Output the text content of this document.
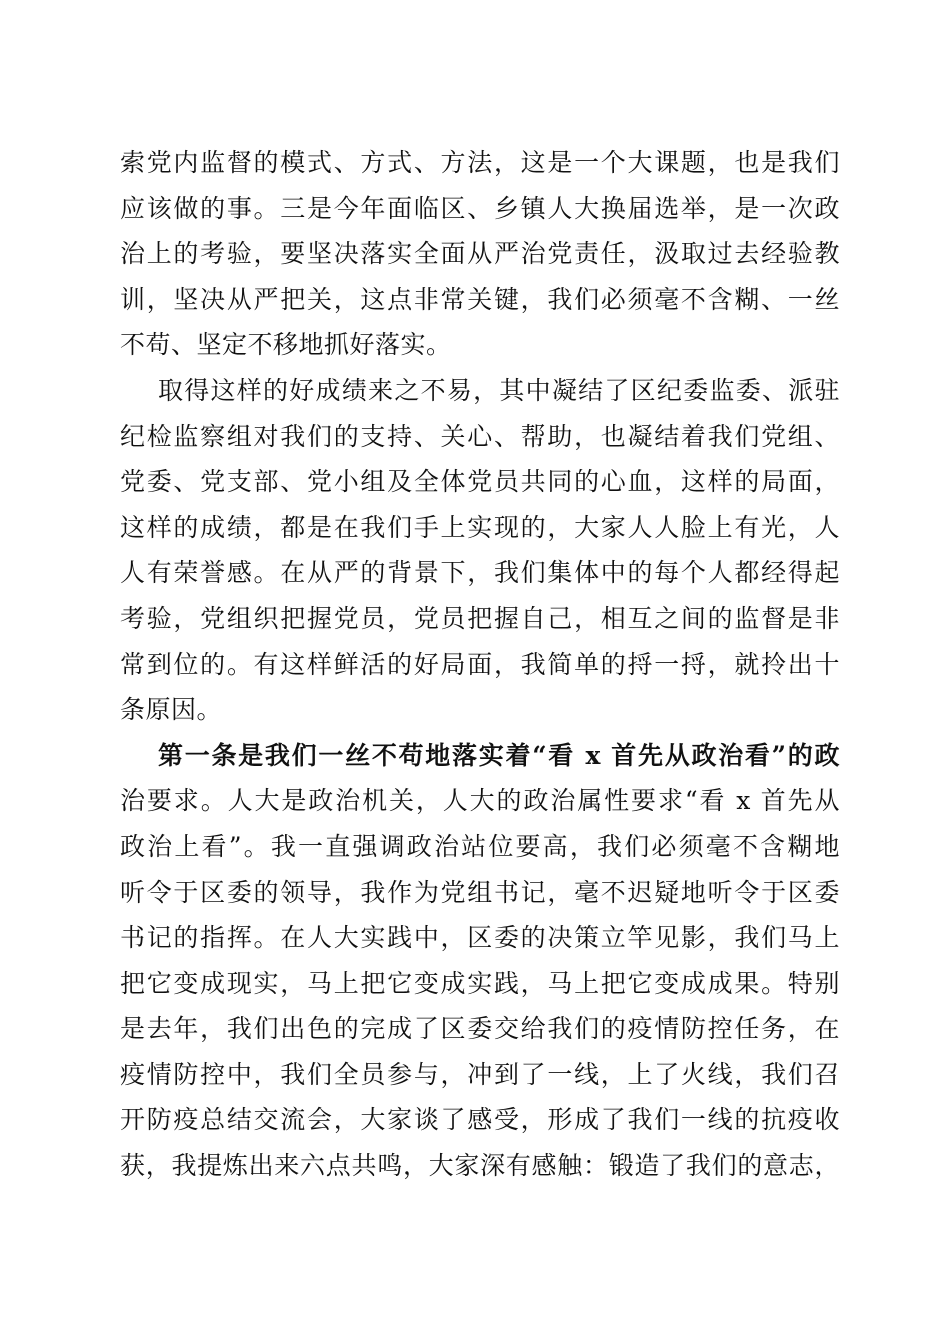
索党内监督的模式、方式、方法，这是一个大课题，也是我们
应该做的事。三是今年面临区、乡镇人大换届选举，是一次政
治上的考验，要坚决落实全面从严治党责任，汲取过去经验教
训，坚决从严把关，这点非常关键，我们必须毫不含糊、一丝
不苟、坚定不移地抓好落实。
取得这样的好成绩来之不易，其中凝结了区纪委监委、派驻
纪检监察组对我们的支持、关心、帮助，也凝结着我们党组、
党委、党支部、党小组及全体党员共同的心血，这样的局面，
这样的成绩，都是在我们手上实现的，大家人人脸上有光，人
人有荣誉感。在从严的背景下，我们集体中的每个人都经得起
考验，党组织把握党员，党员把握自己，相互之间的监督是非
常到位的。有这样鲜活的好局面，我简单的捋一捋，就拎出十
条原因。
第一条是我们一丝不苟地落实着“看 x 首先从政治看”的政
治要求。人大是政治机关，人大的政治属性要求“看 x 首先从
政治上看”。我一直强调政治站位要高，我们必须毫不含糊地
听令于区委的领导，我作为党组书记，毫不迟疑地听令于区委
书记的指挥。在人大实践中，区委的决策立竿见影，我们马上
把它变成现实，马上把它变成实践，马上把它变成成果。特别
是去年，我们出色的完成了区委交给我们的疫情防控任务，在
疫情防控中，我们全员参与，冲到了一线，上了火线，我们召
开防疫总结交流会，大家谈了感受，形成了我们一线的抗疫收
获，我提炼出来六点共鸣，大家深有感触：锻造了我们的意志，
